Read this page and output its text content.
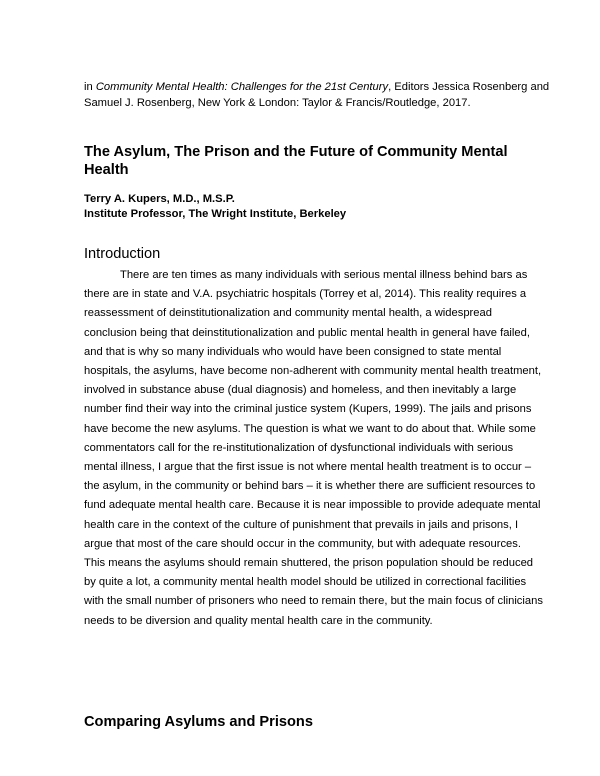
in Community Mental Health: Challenges for the 21st Century, Editors Jessica Rosenberg and Samuel J. Rosenberg, New York & London: Taylor & Francis/Routledge, 2017.
The Asylum, The Prison and the Future of Community Mental Health
Terry A. Kupers, M.D., M.S.P.
Institute Professor, The Wright Institute, Berkeley
Introduction

There are ten times as many individuals with serious mental illness behind bars as there are in state and V.A. psychiatric hospitals (Torrey et al, 2014). This reality requires a reassessment of deinstitutionalization and community mental health, a widespread conclusion being that deinstitutionalization and public mental health in general have failed, and that is why so many individuals who would have been consigned to state mental hospitals, the asylums, have become non-adherent with community mental health treatment, involved in substance abuse (dual diagnosis) and homeless, and then inevitably a large number find their way into the criminal justice system (Kupers, 1999). The jails and prisons have become the new asylums. The question is what we want to do about that. While some commentators call for the re-institutionalization of dysfunctional individuals with serious mental illness, I argue that the first issue is not where mental health treatment is to occur – the asylum, in the community or behind bars – it is whether there are sufficient resources to fund adequate mental health care. Because it is near impossible to provide adequate mental health care in the context of the culture of punishment that prevails in jails and prisons, I argue that most of the care should occur in the community, but with adequate resources. This means the asylums should remain shuttered, the prison population should be reduced by quite a lot, a community mental health model should be utilized in correctional facilities with the small number of prisoners who need to remain there, but the main focus of clinicians needs to be diversion and quality mental health care in the community.

Comparing Asylums and Prisons
